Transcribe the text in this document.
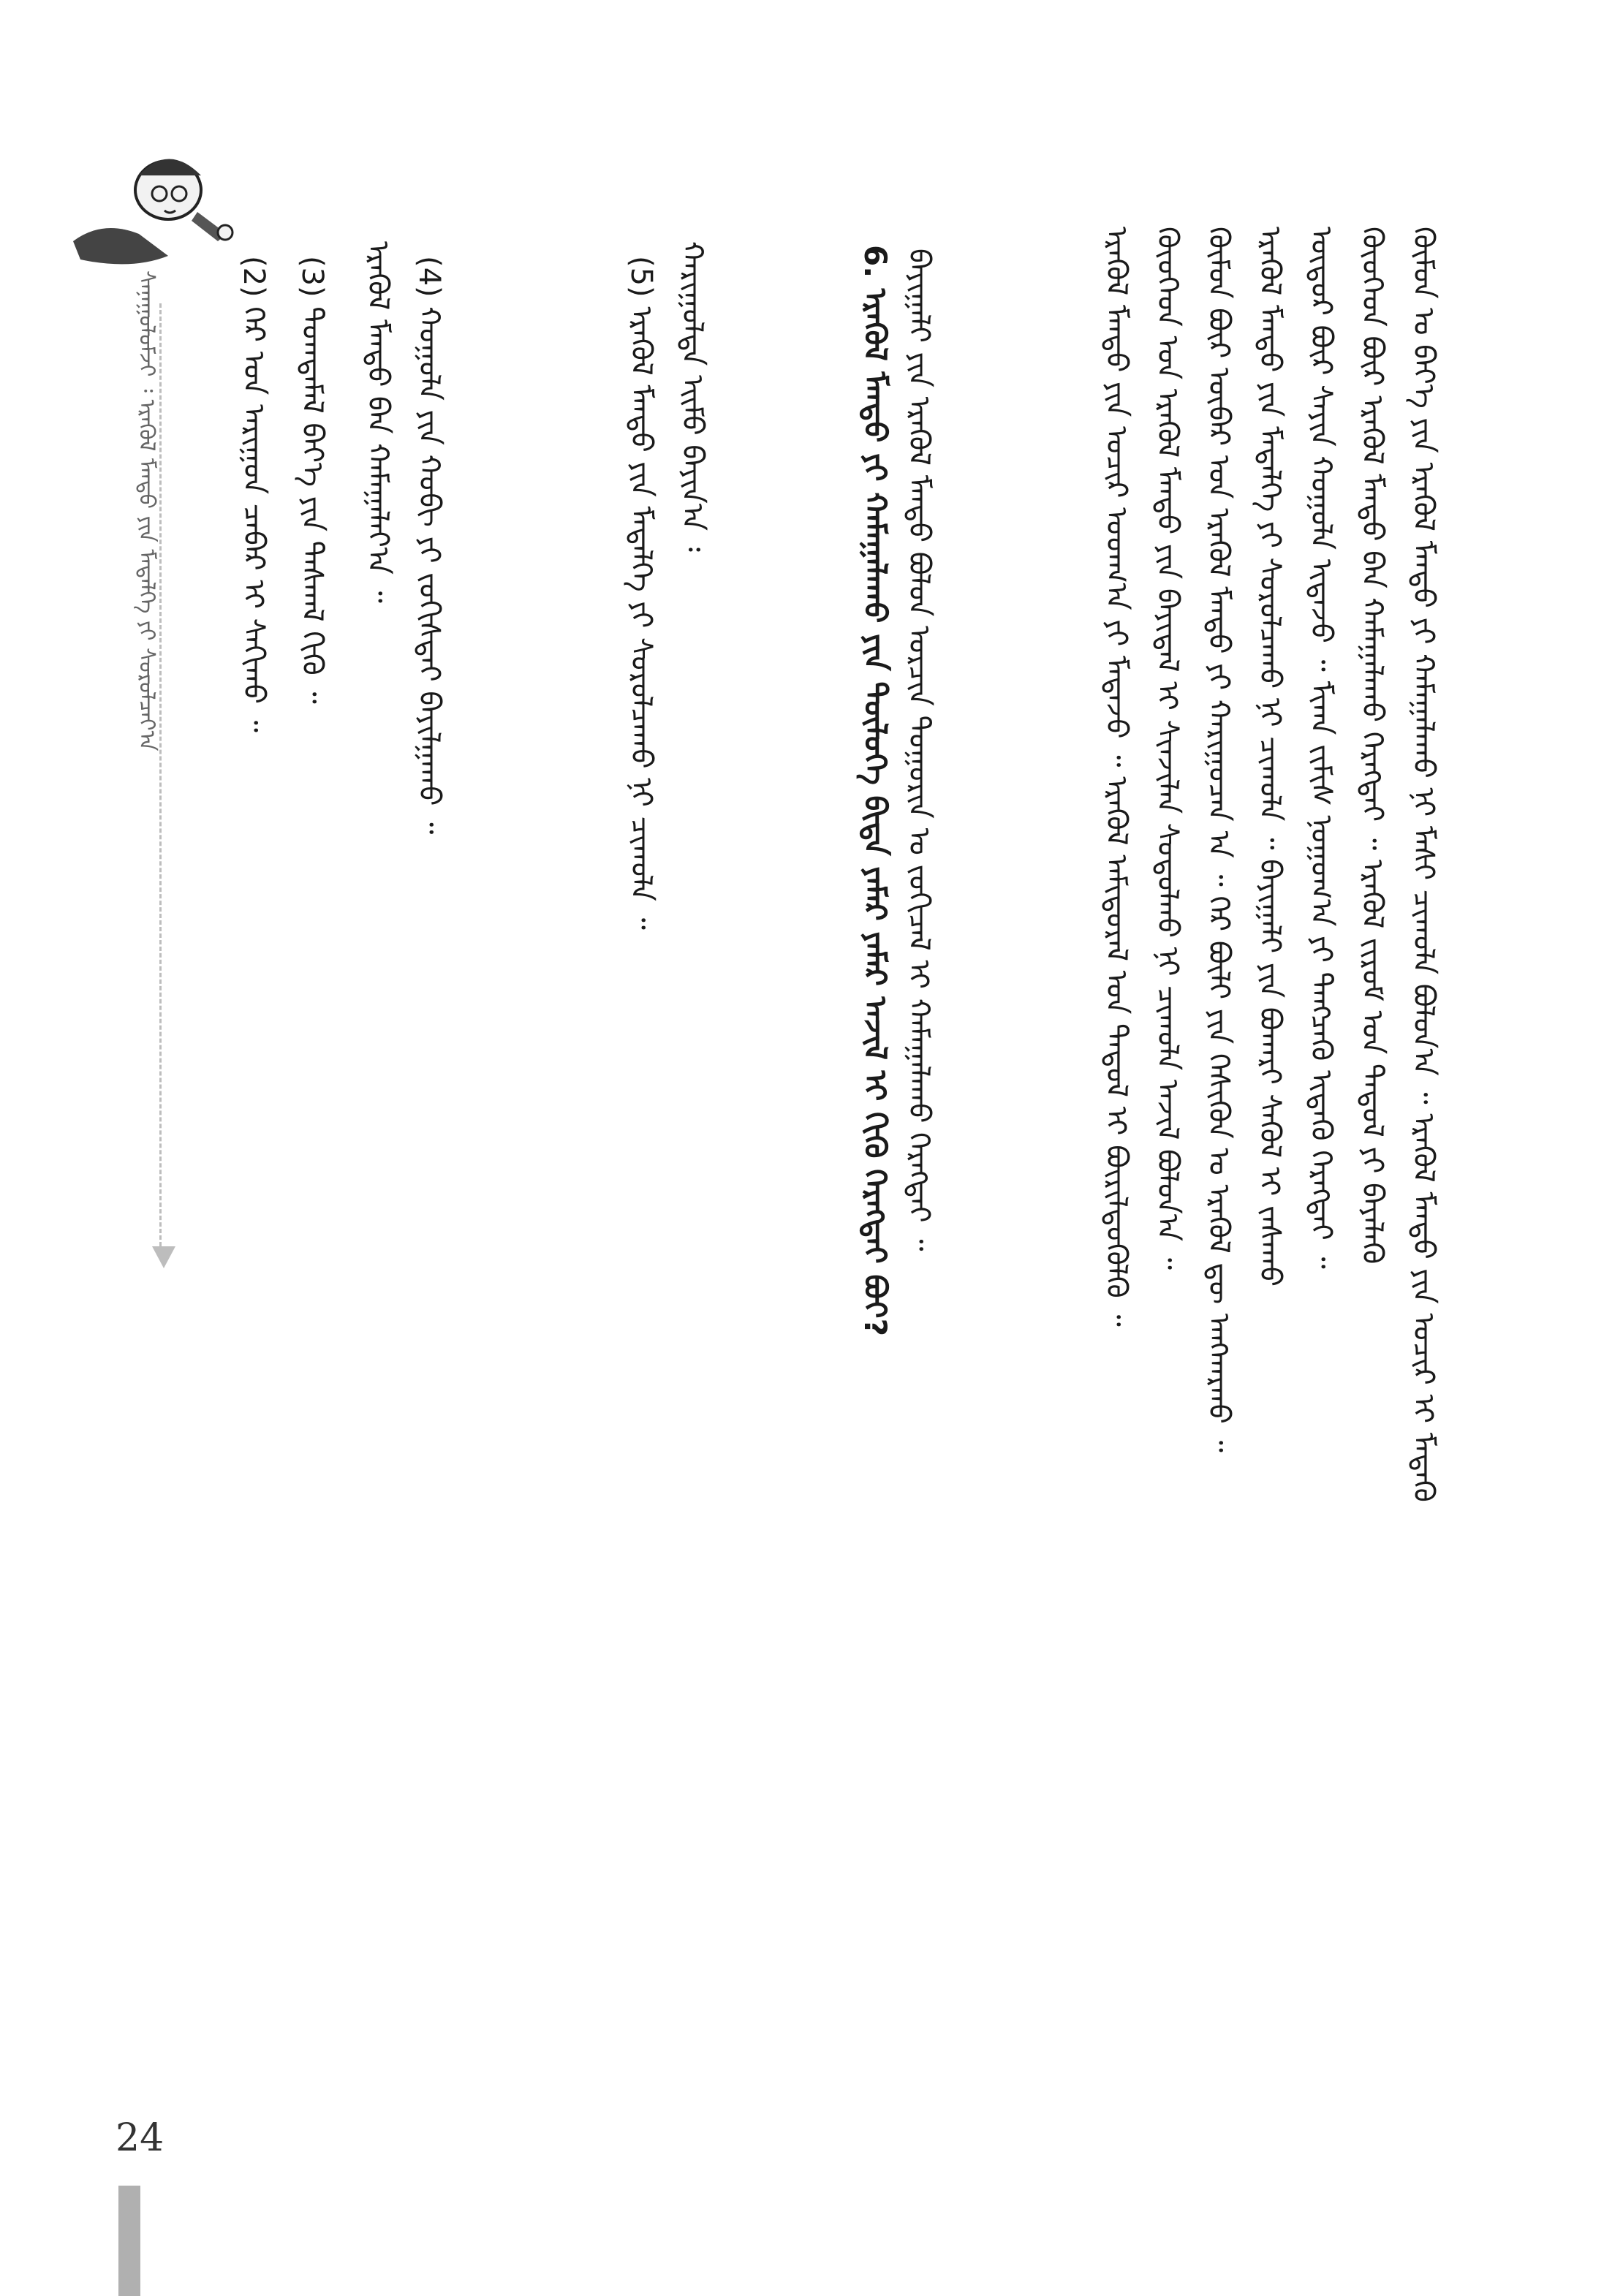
ᠬᠦᠮᠦᠨ ᠤ ᠪᠡᠶ᠎ᠡ ᠶᠢᠨ ᠡᠷᠡᠬᠦᠯ ᠮᠡᠨᠳᠦ ᠶᠢ ᠬᠠᠮᠠᠭᠠᠯᠠᠬᠤ ᠨᠢ ᠮᠠᠰᠢ ᠴᠢᠬᠤᠯᠠ ᠪᠣᠯᠤᠨ᠎ᠠ ᠃ ᠡᠷᠡᠬᠦᠯ ᠮᠡᠨᠳᠦ ᠶᠢᠨ ᠤᠴᠢᠷ ᠢ ᠮᠡᠳᠡᠬᠦ
ᠬᠦᠦᠬᠡᠳ ᠪᠦᠷ ᠡᠷᠡᠬᠦᠯ ᠮᠡᠨᠳᠦ ᠪᠡᠨ ᠬᠠᠮᠠᠭᠠᠯᠠᠬᠤ ᠬᠡᠷᠡᠭᠲᠡᠢ ᠃ ᠡᠷᠡᠬᠦᠯ ᠵᠢᠷᠤᠮ ᠤᠨ ᠳᠠᠳᠤᠯ ᠶᠢ ᠪᠡᠶᠡᠯᠡᠬᠦ
ᠦᠳᠦᠷ ᠪᠦᠷ ᠰᠠᠶᠢᠨ ᠬᠣᠭᠣᠯᠠ ᠢᠳᠡᠵᠦ ᠃ ᠮᠢᠬᠠ ᠵᠢᠮᠢᠰ ᠨᠤᠭᠤᠭ᠎ᠠ ᠶᠢ ᠲᠡᠩᠴᠡᠭᠦ ᠢᠳᠡᠬᠦ ᠬᠡᠷᠡᠭᠲᠡᠢ ᠃
ᠡᠷᠡᠬᠦᠯ ᠮᠡᠨᠳᠦ ᠶᠢᠨ ᠮᠡᠳᠡᠯᠭᠡ ᠶᠢ ᠰᠤᠷᠤᠯᠴᠠᠬᠤ ᠨᠢ ᠴᠢᠬᠤᠯᠠ ᠃ ᠪᠠᠶᠢᠭᠠᠯᠢ ᠶᠢᠨ ᠪᠤᠬᠠᠷᠢ ᠰᠡᠭᠦᠯ ᠢ ᠵᠠᠰᠠᠬᠤ
ᠬᠦᠮᠦᠨ ᠪᠦᠷ ᠥᠪᠡᠷ ᠤᠨ ᠡᠷᠡᠬᠦᠯ ᠮᠡᠨᠳᠦ ᠶᠢ ᠬᠠᠷᠢᠭᠤᠴᠠᠨ ᠠ ᠃ ᠭᠡᠷ ᠪᠦᠯᠢ ᠶᠢᠨ ᠭᠡᠰᠢᠭᠦᠨ ᠤ ᠡᠷᠡᠬᠦᠯ ᠳᠦ ᠠᠩᠬᠠᠷᠬᠤ ᠃
ᠬᠦᠦᠬᠡᠳ ᠤᠨ ᠡᠷᠡᠬᠦᠯ ᠮᠡᠨᠳᠦ ᠶᠢᠨ ᠪᠠᠶᠢᠳᠠᠯ ᠢ ᠰᠢᠨᠵᠢᠯᠡᠨ ᠰᠤᠳᠤᠯᠬᠤ ᠨᠢ ᠴᠢᠬᠤᠯᠠ ᠠᠵᠢᠯ ᠪᠣᠯᠤᠨ᠎ᠠ ᠃
ᠡᠷᠡᠬᠦᠯ ᠮᠡᠨᠳᠦ ᠶᠢᠨ ᠤᠴᠢᠷ ᠤᠳᠬ᠎ᠠ ᠶᠢ ᠮᠡᠳᠡᠵᠦ ᠃ ᠡᠷᠡᠬᠦᠯ ᠠᠮᠢᠳᠤᠷᠠᠯ ᠤᠨ ᠳᠠᠳᠤᠯ ᠢ ᠪᠦᠷᠢᠯᠳᠦᠭᠦᠯᠬᠦ ᠃
6. ᠡᠷᠡᠬᠦᠯ ᠮᠡᠨᠳᠦ ᠶᠢ ᠬᠠᠮᠠᠭᠠᠯᠠᠬᠤ ᠶᠢᠨ ᠲᠥᠯᠥᠭᠡ ᠪᠢᠳᠡ ᠶᠠᠮᠠᠷ ᠶᠠᠮᠠᠷ ᠠᠵᠢᠯ ᠢ ᠬᠢᠬᠦ ᠬᠡᠷᠡᠭᠲᠡᠢ ᠪᠤᠢ? ᠪᠠᠶᠢᠭᠠᠯᠢ ᠶᠢᠨ ᠡᠷᠡᠬᠦᠯ ᠮᠡᠨᠳᠦ ᠪᠣᠯᠤᠨ ᠤᠷᠴᠢᠨ ᠲᠣᠭᠣᠷᠢᠨ ᠤ ᠵᠣᠬᠢᠴᠠᠯ ᠢ ᠬᠠᠮᠠᠭᠠᠯᠠᠬᠤ ᠬᠡᠷᠡᠭᠲᠡᠢ ᠃
ᠬᠠᠷᠢᠭᠤᠯᠲᠠ ᠡᠢᠮᠦ ᠪᠠᠶᠢᠨ᠎ᠠ ᠄
(5) ᠡᠷᠡᠬᠦᠯ ᠮᠡᠨᠳᠦ ᠶᠢᠨ ᠮᠡᠳᠡᠯᠭᠡ ᠶᠢ ᠰᠤᠷᠤᠯᠴᠠᠬᠤ ᠨᠢ ᠴᠢᠬᠤᠯᠠ ᠃
(4) ᠬᠣᠭᠣᠯᠠ ᠶᠢᠨ ᠬᠣᠪᠢ ᠶᠢ ᠵᠣᠬᠢᠰᠲᠠᠢ ᠪᠠᠶᠢᠯᠭᠠᠬᠤ ᠃
(3) ᠲᠣᠭᠲᠠᠮᠠᠯ ᠪᠡᠶ᠎ᠡ ᠶᠢᠨ ᠳᠠᠰᠬᠠᠯ ᠬᠢᠬᠦ ᠃
(2) ᠭᠡᠷ ᠤᠨ ᠠᠷᠢᠭᠤᠨ ᠴᠡᠪᠡᠷ ᠢ ᠰᠠᠬᠢᠬᠤ ᠃	ᠡᠷᠡᠬᠦᠯ ᠮᠡᠨᠳᠦ ᠪᠡᠨ ᠬᠠᠮᠠᠭᠠᠯᠠᠶ᠎ᠠ ᠃
ᠰᠠᠨᠠᠭᠤᠯᠤᠮᠵᠢ ᠄ ᠡᠷᠡᠬᠦᠯ ᠮᠡᠨᠳᠦ ᠶᠢᠨ ᠮᠡᠳᠡᠯᠭᠡ ᠶᠢ ᠰᠤᠷᠤᠯᠴᠠᠶ᠎ᠠ
24
